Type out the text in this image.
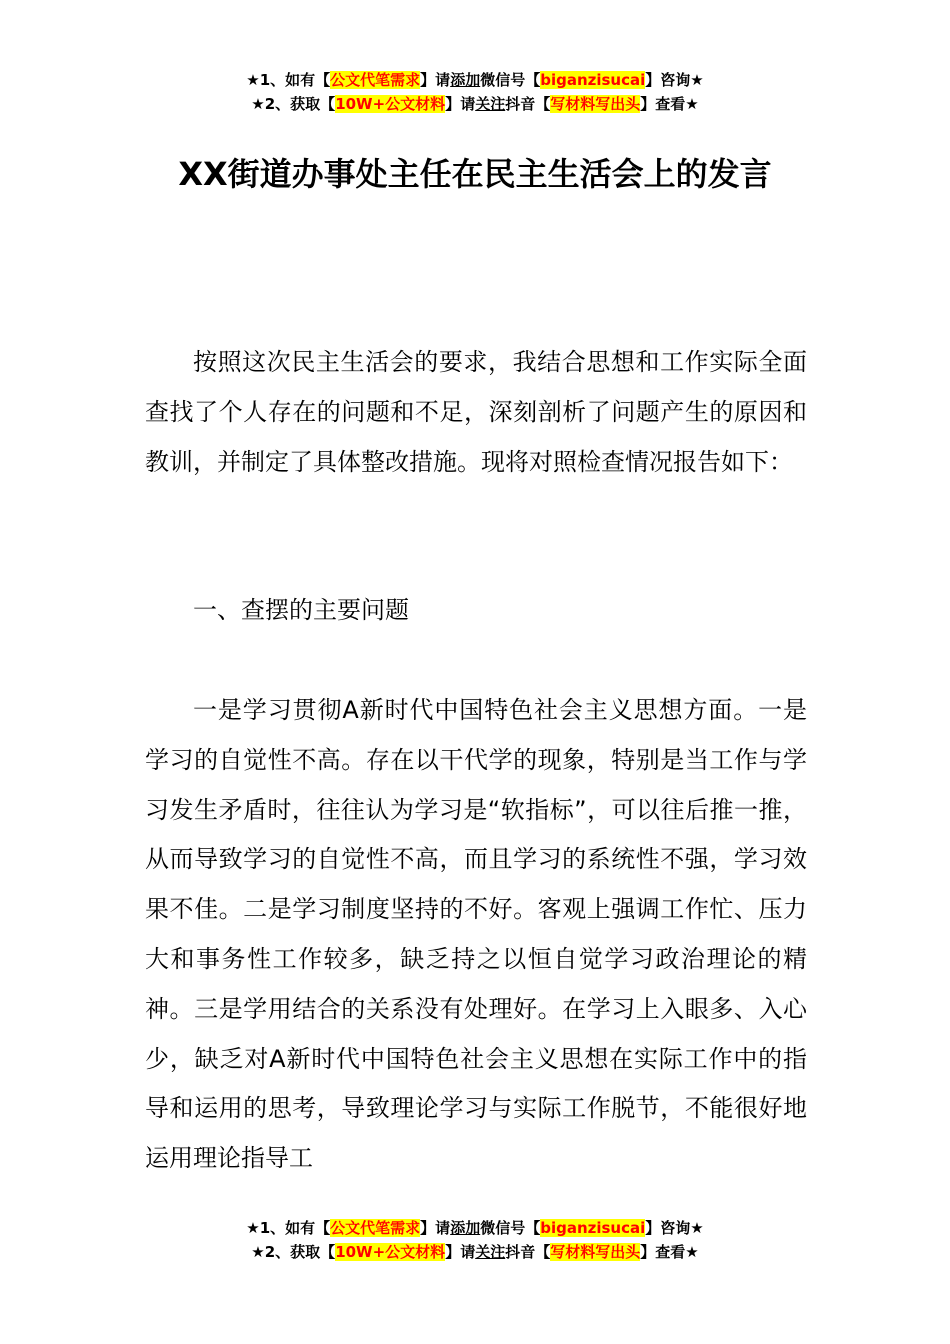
★1、如有【公文代笔需求】请添加微信号【biganzisucai】咨询★
★2、获取【10W+公文材料】请关注抖音【写材料写出头】查看★
XX街道办事处主任在民主生活会上的发言

按照这次民主生活会的要求，我结合思想和工作实际全面查找了个人存在的问题和不足，深刻剖析了问题产生的原因和教训，并制定了具体整改措施。现将对照检查情况报告如下：

一、查摆的主要问题

一是学习贯彻A新时代中国特色社会主义思想方面。一是学习的自觉性不高。存在以干代学的现象，特别是当工作与学习发生矛盾时，往往认为学习是“软指标”，可以往后推一推，从而导致学习的自觉性不高，而且学习的系统性不强，学习效果不佳。二是学习制度坚持的不好。客观上强调工作忙、压力大和事务性工作较多，缺乏持之以恒自觉学习政治理论的精神。三是学用结合的关系没有处理好。在学习上入眼多、入心少，缺乏对A新时代中国特色社会主义思想在实际工作中的指导和运用的思考，导致理论学习与实际工作脱节，不能很好地运用理论指导工

★1、如有【公文代笔需求】请添加微信号【biganzisucai】咨询★
★2、获取【10W+公文材料】请关注抖音【写材料写出头】查看★
